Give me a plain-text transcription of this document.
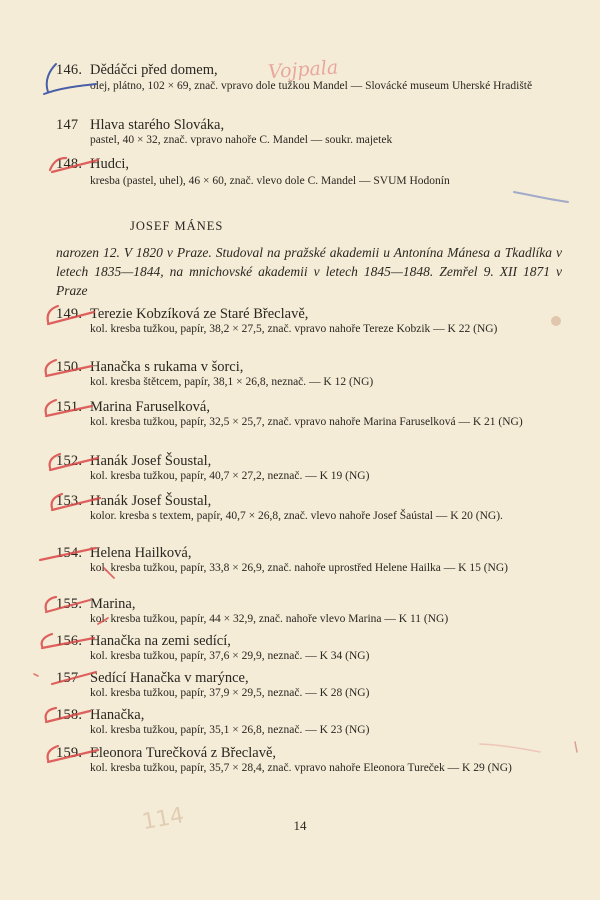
146. Dědáčci před domem,
olej, plátno, 102 × 69, znač. vpravo dole tužkou Mandel — Slovácké museum Uherské Hradiště
147 Hlava starého Slováka,
pastel, 40 × 32, znač. vpravo nahoře C. Mandel — soukr. majetek
148. Hudci,
kresba (pastel, uhel), 46 × 60, znač. vlevo dole C. Mandel — SVUM Hodonín
JOSEF MÁNES
narozen 12. V 1820 v Praze. Studoval na pražské akademii u Antonína Mánesa a Tkadlíka v letech 1835—1844, na mnichovské akademii v letech 1845—1848. Zemřel 9. XII 1871 v Praze
149. Terezie Kobzíková ze Staré Břeclavě,
kol. kresba tužkou, papír, 38,2 × 27,5, znač. vpravo nahoře Tereze Kobzik — K 22 (NG)
150. Hanačka s rukama v šorci,
kol. kresba štětcem, papír, 38,1 × 26,8, neznač. — K 12 (NG)
151. Marina Faruselková,
kol. kresba tužkou, papír, 32,5 × 25,7, znač. vpravo nahoře Marina Faruselková — K 21 (NG)
152. Hanák Josef Šoustal,
kol. kresba tužkou, papír, 40,7 × 27,2, neznač. — K 19 (NG)
153. Hanák Josef Šoustal,
kolor. kresba s textem, papír, 40,7 × 26,8, znač. vlevo nahoře Josef Šaústal — K 20 (NG).
154. Helena Hailková,
kol. kresba tužkou, papír, 33,8 × 26,9, znač. nahoře uprostřed Helene Hailka — K 15 (NG)
155. Marina,
kol. kresba tužkou, papír, 44 × 32,9, znač. nahoře vlevo Marina — K 11 (NG)
156. Hanačka na zemi sedící,
kol. kresba tužkou, papír, 37,6 × 29,9, neznač. — K 34 (NG)
157 Sedící Hanačka v marýnce,
kol. kresba tužkou, papír, 37,9 × 29,5, neznač. — K 28 (NG)
158. Hanačka,
kol. kresba tužkou, papír, 35,1 × 26,8, neznač. — K 23 (NG)
159. Eleonora Turečková z Břeclavě,
kol. kresba tužkou, papír, 35,7 × 28,4, znač. vpravo nahoře Eleonora Tureček — K 29 (NG)
14
Vojpala
114
